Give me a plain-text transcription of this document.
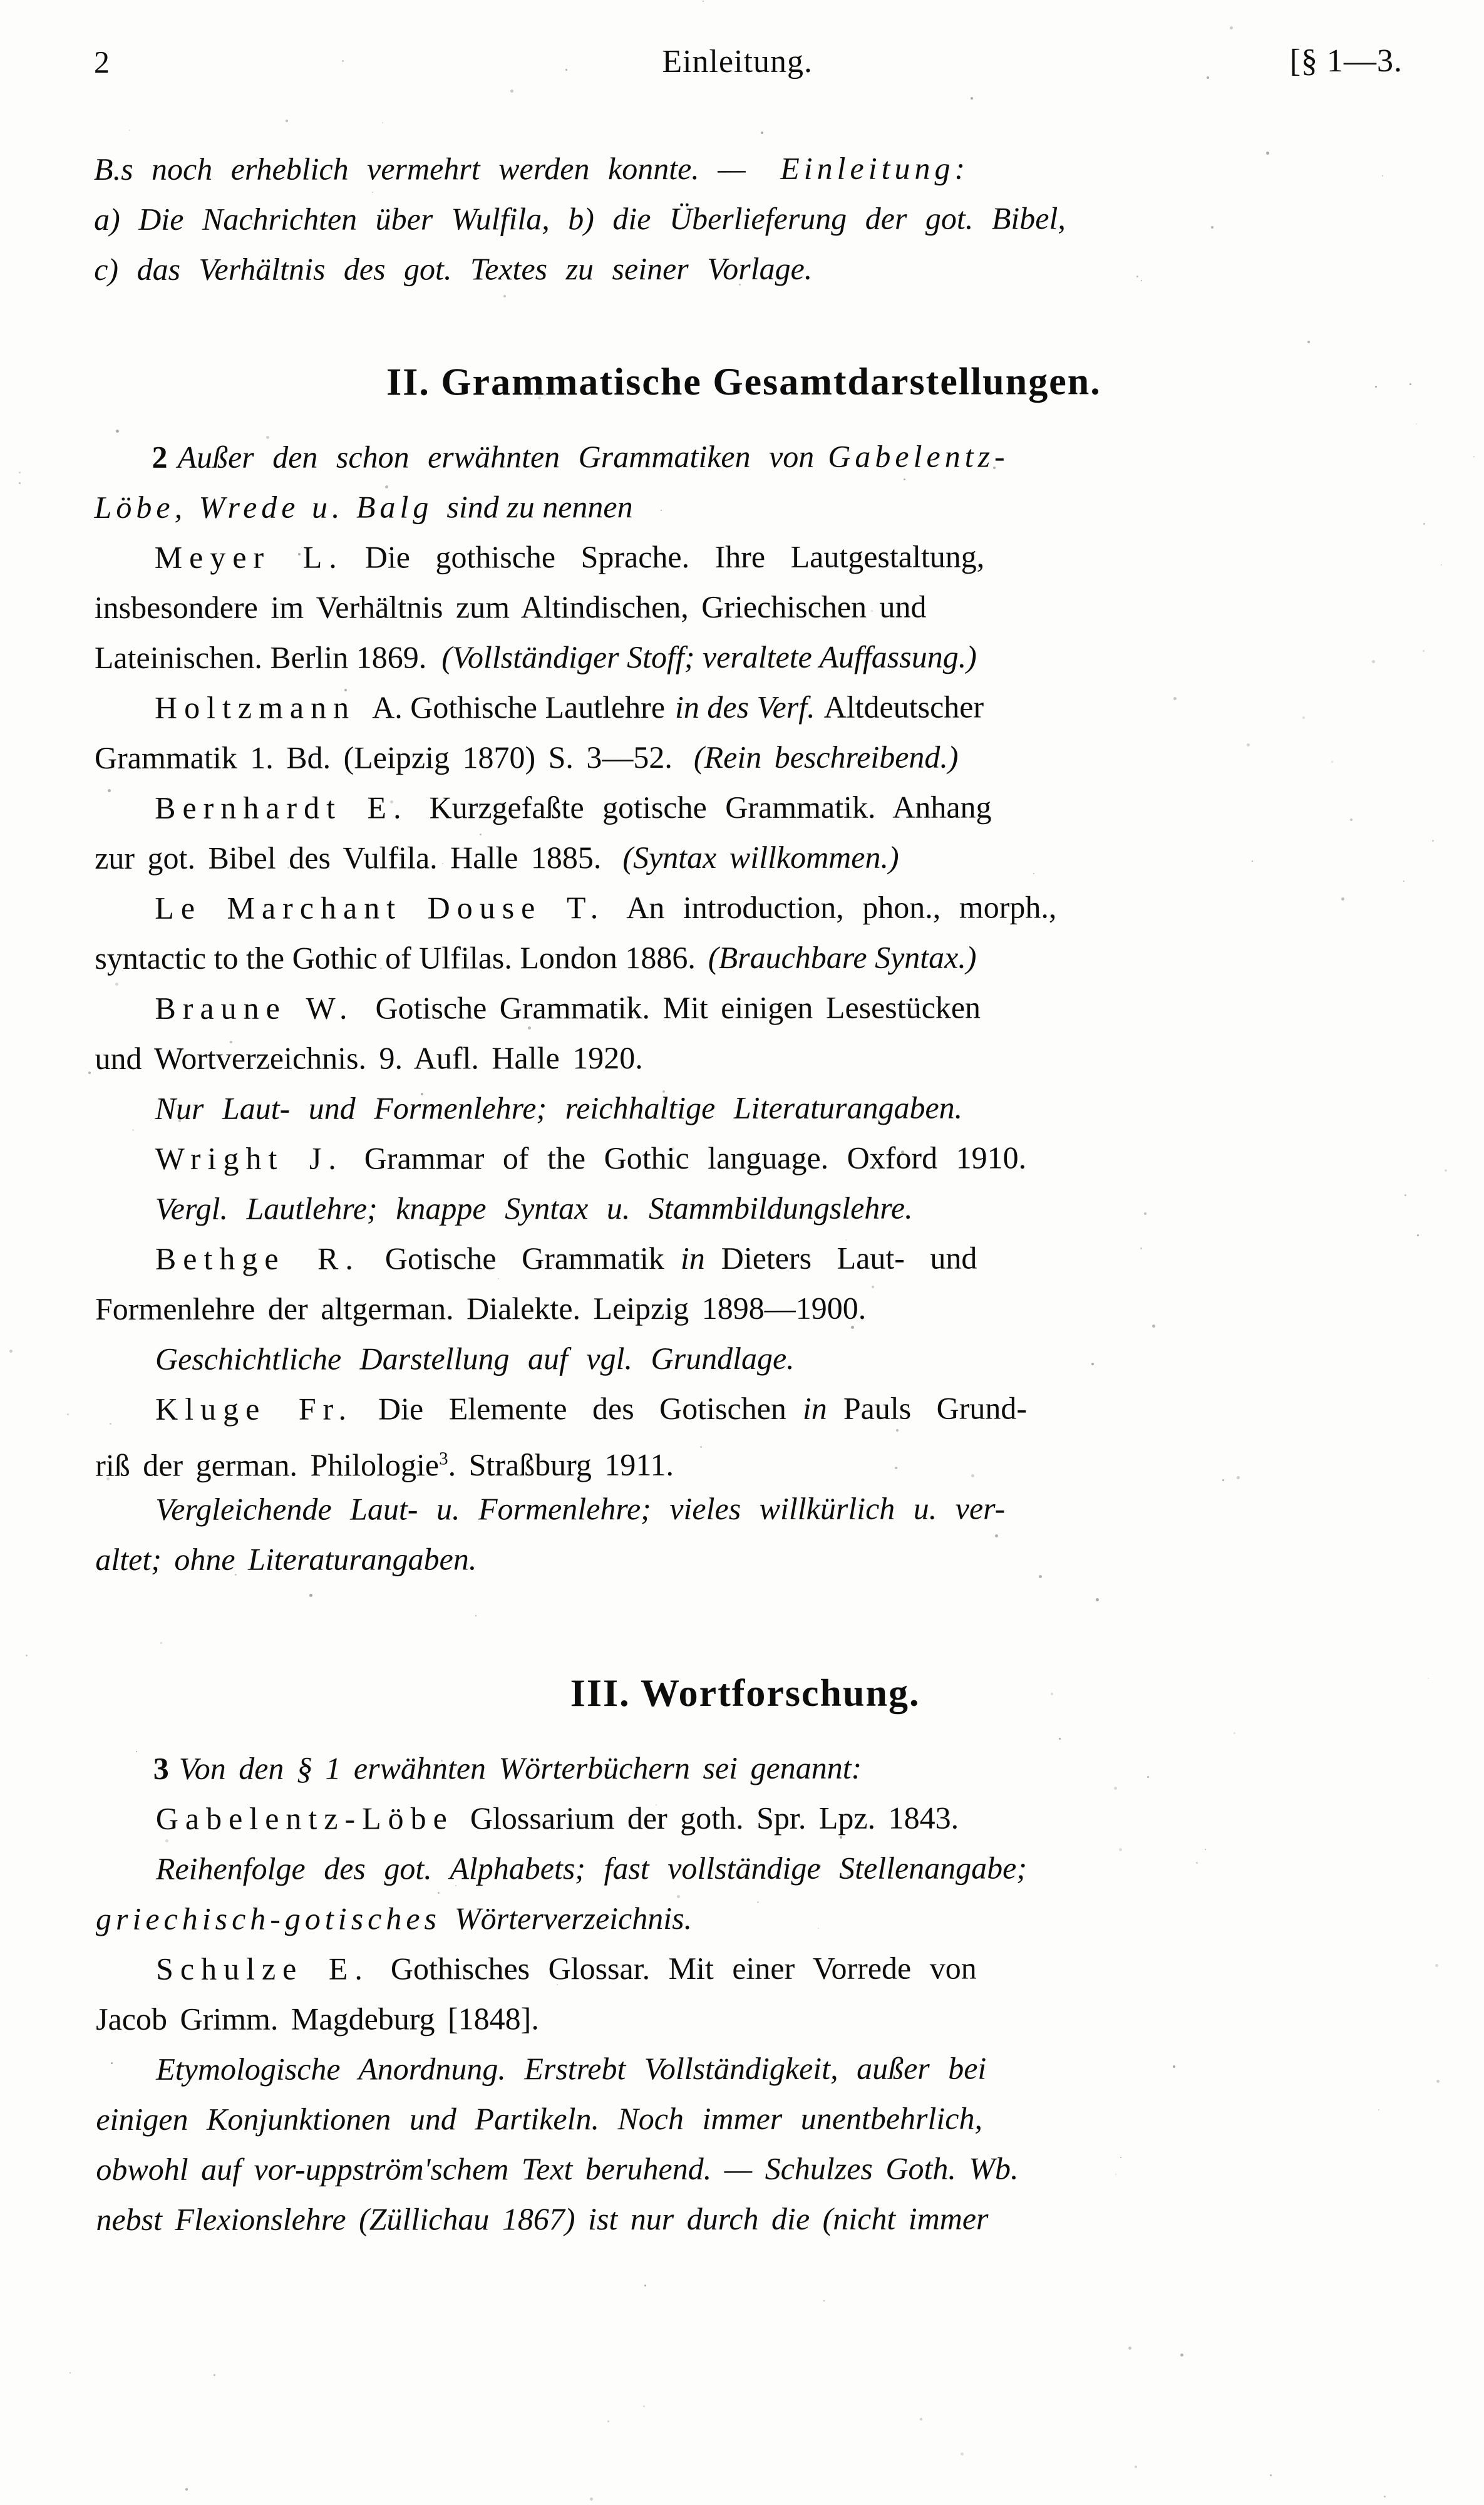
2	Einleitung.	[§ 1—3.
B.s noch erheblich vermehrt werden konnte. — Einleitung:
a) Die Nachrichten über Wulfila, b) die Überlieferung der got. Bibel,
c) das Verhältnis des got. Textes zu seiner Vorlage.
II. Grammatische Gesamtdarstellungen.
2 Außer den schon erwähnten Grammatiken von Gabelentz-
Löbe, Wrede u. Balg sind zu nennen
Meyer L. Die gothische Sprache. Ihre Lautgestaltung,
insbesondere im Verhältnis zum Altindischen, Griechischen und
Lateinischen. Berlin 1869. (Vollständiger Stoff; veraltete Auffassung.)
Holtzmann A. Gothische Lautlehre in des Verf. Altdeutscher
Grammatik 1. Bd. (Leipzig 1870) S. 3—52. (Rein beschreibend.)
Bernhardt E. Kurzgefaßte gotische Grammatik. Anhang
zur got. Bibel des Vulfila. Halle 1885. (Syntax willkommen.)
Le Marchant Douse T. An introduction, phon., morph.,
syntactic to the Gothic of Ulfilas. London 1886. (Brauchbare Syntax.)
Braune W. Gotische Grammatik. Mit einigen Lesestücken
und Wortverzeichnis. 9. Aufl. Halle 1920.
Nur Laut- und Formenlehre; reichhaltige Literaturangaben.
Wright J. Grammar of the Gothic language. Oxford 1910.
Vergl. Lautlehre; knappe Syntax u. Stammbildungslehre.
Bethge R. Gotische Grammatik in Dieters Laut- und
Formenlehre der altgerman. Dialekte. Leipzig 1898—1900.
Geschichtliche Darstellung auf vgl. Grundlage.
Kluge Fr. Die Elemente des Gotischen in Pauls Grund-
riß der german. Philologie$^3$. Straßburg 1911.
Vergleichende Laut- u. Formenlehre; vieles willkürlich u. ver-
altet; ohne Literaturangaben.
III. Wortforschung.
3 Von den § 1 erwähnten Wörterbüchern sei genannt:
Gabelentz-Löbe Glossarium der goth. Spr. Lpz. 1843.
Reihenfolge des got. Alphabets; fast vollständige Stellenangabe;
griechisch-gotisches Wörterverzeichnis.
Schulze E. Gothisches Glossar. Mit einer Vorrede von
Jacob Grimm. Magdeburg [1848].
Etymologische Anordnung. Erstrebt Vollständigkeit, außer bei
einigen Konjunktionen und Partikeln. Noch immer unentbehrlich,
obwohl auf vor-uppström'schem Text beruhend. — Schulzes Goth. Wb.
nebst Flexionslehre (Züllichau 1867) ist nur durch die (nicht immer
